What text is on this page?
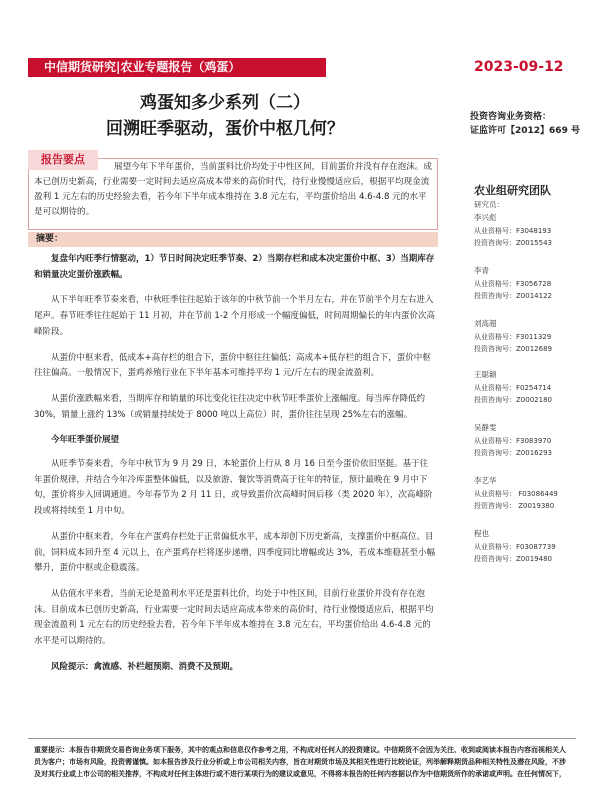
中信期货研究|农业专题报告（鸡蛋）	2023-09-12
鸡蛋知多少系列（二）
回溯旺季驱动，蛋价中枢几何？
投资咨询业务资格：
证监许可【2012】669 号
报告要点
展望今年下半年蛋价，当前蛋料比价均处于中性区间，目前蛋价并没有存在泡沫。成本已创历史新高，行业需要一定时间去适应高成本带来的高价时代，待行业慢慢适应后，根据平均现金流盈利 1 元左右的历史经验去看，若今年下半年成本维持在 3.8 元左右，平均蛋价给出 4.6-4.8 元的水平是可以期待的。
摘要：

复盘年内旺季行情驱动，1）节日时间决定旺季节奏、2）当期存栏和成本决定蛋价中枢、3）当期库存和销量决定蛋价涨跌幅。

从下半年旺季节奏来看，中秋旺季往往起始于该年的中秋节前一个半月左右，并在节前半个月左右进入尾声。春节旺季往往起始于 11 月初，并在节前 1-2 个月形成一个幅度偏低，时间周期偏长的年内蛋价次高峰阶段。

从蛋价中枢来看，低成本+高存栏的组合下，蛋价中枢往往偏低；高成本+低存栏的组合下，蛋价中枢往往偏高。一般情况下，蛋鸡养殖行业在下半年基本可维持平均 1 元/斤左右的现金流盈利。

从蛋价涨跌幅来看，当期库存和销量的环比变化往往决定中秋节旺季蛋价上涨幅度。每当库存降低约 30%，销量上涨约 13%（或销量持续处于 8000 吨以上高位）时，蛋价往往呈现 25%左右的涨幅。

今年旺季蛋价展望

从旺季节奏来看，今年中秋节为 9 月 29 日，本轮蛋价上行从 8 月 16 日至今蛋价依旧坚挺。基于往年蛋价规律，并结合今年冷库蛋整体偏低，以及旅游、餐饮等消费高于往年的特征，预计最晚在 9 月中下旬，蛋价将步入回调通道。今年春节为 2 月 11 日，或导致蛋价次高峰时间后移（类 2020 年），次高峰阶段或将持续至 1 月中旬。

从蛋价中枢来看，今年在产蛋鸡存栏处于正常偏低水平，成本却创下历史新高，支撑蛋价中枢高位。目前，饲料成本回升至 4 元以上，在产蛋鸡存栏将逐步递增，四季度同比增幅或达 3%，若成本维稳甚至小幅攀升，蛋价中枢或企稳震荡。

从估值水平来看，当前无论是盈利水平还是蛋料比价，均处于中性区间，目前行业蛋价并没有存在泡沫。目前成本已创历史新高，行业需要一定时间去适应高成本带来的高价时，待行业慢慢适应后，根据平均现金流盈利 1 元左右的历史经验去看，若今年下半年成本维持在 3.8 元左右，平均蛋价给出 4.6-4.8 元的水平是可以期待的。

风险提示：禽流感、补栏超预期、消费不及预期。

重要提示：本报告非期货交易咨询业务项下服务，其中的观点和信息仅作参考之用，不构成对任何人的投资建议。中信期货不会因为关注、收到或阅读本报告内容而视相关人员为客户；市场有风险，投资需谨慎。如本报告涉及行业分析或上市公司相关内容，旨在对期货市场及其相关性进行比较论证，列举解释期货品种相关特性及潜在风险，不涉及对其行业或上市公司的相关推荐，不构成对任何主体进行或不进行某项行为的建议或意见，不得将本报告的任何内容据以作为中信期货所作的承诺或声明。在任何情况下，
农业组研究团队
研究员：
李兴彪
从业资格号：F3048193
投资咨询号：Z0015543
李青
从业资格号：F3056728
投资咨询号：Z0014122
刘高超
从业资格号：F3011329
投资咨询号：Z0012689
王聪颖
从业资格号：F0254714
投资咨询号：Z0002180
吴静雯
从业资格号：F3083970
投资咨询号：Z0016293
李艺华
从业资格号： F03086449
投资咨询号： Z0019380
程也
从业资格号：F03087739
投资咨询号：Z0019480
